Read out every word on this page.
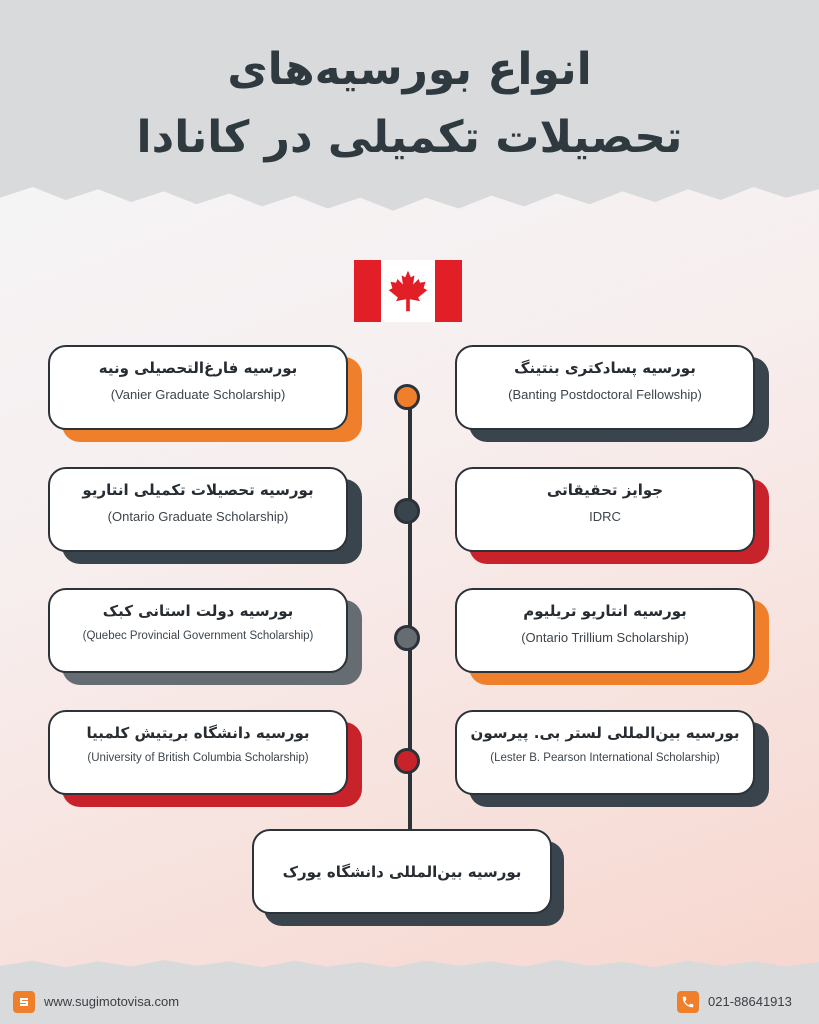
انواع بورسیه‌های
تحصیلات تکمیلی در کانادا
بورسیه فارغ‌التحصیلی ونیه
(Vanier Graduate Scholarship)
بورسیه تحصیلات تکمیلی انتاریو
(Ontario Graduate Scholarship)
بورسیه دولت استانی کبک
(Quebec Provincial Government Scholarship)
بورسیه دانشگاه بریتیش کلمبیا
(University of British Columbia Scholarship)
بورسیه پسادکتری بنتینگ
(Banting Postdoctoral Fellowship)
جوایز تحقیقاتی
IDRC
بورسیه انتاریو تریلیوم
(Ontario Trillium Scholarship)
بورسیه بین‌المللی لستر بی. پیرسون
(Lester B. Pearson International Scholarship)
بورسیه بین‌المللی دانشگاه یورک
www.sugimotovisa.com	021-88641913
